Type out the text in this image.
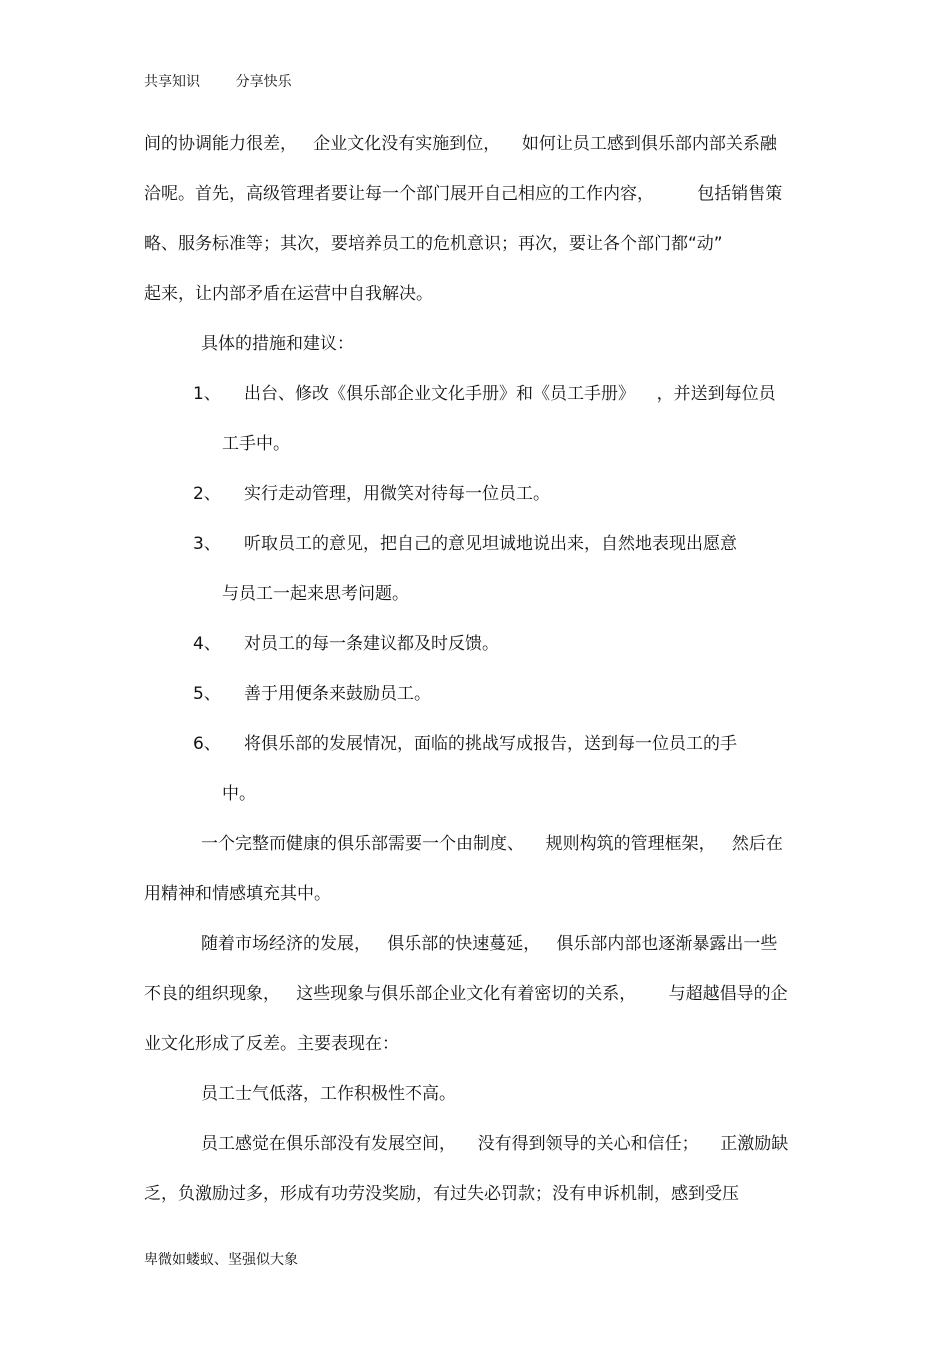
共享知识        分享快乐

间的协调能力很差，   企业文化没有实施到位，    如何让员工感到俱乐部内部关系融

洽呢。首先，高级管理者要让每一个部门展开自己相应的工作内容，        包括销售策

略、服务标准等；其次，要培养员工的危机意识；再次，要让各个部门都“动”

起来，让内部矛盾在运营中自我解决。

具体的措施和建议：

1、 出台、修改《俱乐部企业文化手册》和《员工手册》    ，并送到每位员
工手中。
2、 实行走动管理，用微笑对待每一位员工。
3、 听取员工的意见，把自己的意见坦诚地说出来，自然地表现出愿意
与员工一起来思考问题。
4、 对员工的每一条建议都及时反馈。
5、 善于用便条来鼓励员工。
6、 将俱乐部的发展情况，面临的挑战写成报告，送到每一位员工的手
中。

一个完整而健康的俱乐部需要一个由制度、    规则构筑的管理框架，   然后在

用精神和情感填充其中。

随着市场经济的发展，   俱乐部的快速蔓延，   俱乐部内部也逐渐暴露出一些

不良的组织现象，   这些现象与俱乐部企业文化有着密切的关系，      与超越倡导的企

业文化形成了反差。主要表现在：

员工士气低落，工作积极性不高。

员工感觉在俱乐部没有发展空间，    没有得到领导的关心和信任；    正激励缺

乏，负激励过多，形成有功劳没奖励，有过失必罚款；没有申诉机制，感到受压

卑微如蝼蚁、坚强似大象
